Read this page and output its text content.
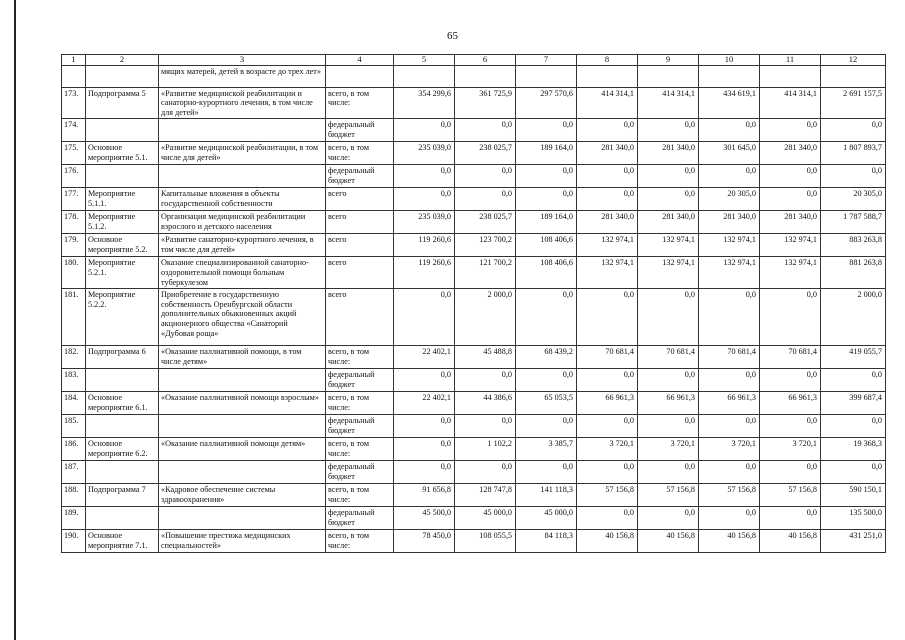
65
1	2	3	4	5	6	7	8	9	10	11	12
		мящих матерей, детей в возрасте до трех лет»									
173.	Подпрограмма 5	«Развитие медицинской реабилитации и санаторно-курортного лечения, в том числе для детей»	всего, в том числе:	354 299,6	361 725,9	297 570,6	414 314,1	414 314,1	434 619,1	414 314,1	2 691 157,5
174.			федеральный бюджет	0,0	0,0	0,0	0,0	0,0	0,0	0,0	0,0
175.	Основное мероприятие 5.1.	«Развитие медицинской реабилитации, в том числе для детей»	всего, в том числе:	235 039,0	238 025,7	189 164,0	281 340,0	281 340,0	301 645,0	281 340,0	1 807 893,7
176.			федеральный бюджет	0,0	0,0	0,0	0,0	0,0	0,0	0,0	0,0
177.	Мероприятие 5.1.1.	Капитальные вложения в объекты государственной собственности	всего	0,0	0,0	0,0	0,0	0,0	20 305,0	0,0	20 305,0
178.	Мероприятие 5.1.2.	Организация медицинской реабилитации взрослого и детского населения	всего	235 039,0	238 025,7	189 164,0	281 340,0	281 340,0	281 340,0	281 340,0	1 787 588,7
179.	Основное мероприятие 5.2.	«Развитие санаторно-курортного лечения, в том числе для детей»	всего	119 260,6	123 700,2	108 406,6	132 974,1	132 974,1	132 974,1	132 974,1	883 263,8
180.	Мероприятие 5.2.1.	Оказание специализированной санаторно-оздоровительной помощи больным туберкулезом	всего	119 260,6	121 700,2	108 406,6	132 974,1	132 974,1	132 974,1	132 974,1	881 263,8
181.	Мероприятие 5.2.2.	Приобретение в государственную собственность Оренбургской области дополнительных обыкновенных акций акционерного общества «Санаторий «Дубовая роща»	всего	0,0	2 000,0	0,0	0,0	0,0	0,0	0,0	2 000,0
182.	Подпрограмма 6	«Оказание паллиативной помощи, в том числе детям»	всего, в том числе:	22 402,1	45 488,8	68 439,2	70 681,4	70 681,4	70 681,4	70 681,4	419 055,7
183.			федеральный бюджет	0,0	0,0	0,0	0,0	0,0	0,0	0,0	0,0
184.	Основное мероприятие 6.1.	«Оказание паллиативной помощи взрослым»	всего, в том числе:	22 402,1	44 386,6	65 053,5	66 961,3	66 961,3	66 961,3	66 961,3	399 687,4
185.			федеральный бюджет	0,0	0,0	0,0	0,0	0,0	0,0	0,0	0,0
186.	Основное мероприятие 6.2.	«Оказание паллиативной помощи детям»	всего, в том числе:	0,0	1 102,2	3 385,7	3 720,1	3 720,1	3 720,1	3 720,1	19 368,3
187.			федеральный бюджет	0,0	0,0	0,0	0,0	0,0	0,0	0,0	0,0
188.	Подпрограмма 7	«Кадровое обеспечение системы здравоохранения»	всего, в том числе:	91 656,8	128 747,8	141 118,3	57 156,8	57 156,8	57 156,8	57 156,8	590 150,1
189.			федеральный бюджет	45 500,0	45 000,0	45 000,0	0,0	0,0	0,0	0,0	135 500,0
190.	Основное мероприятие 7.1.	«Повышение престижа медицинских специальностей»	всего, в том числе:	78 450,0	108 055,5	84 118,3	40 156,8	40 156,8	40 156,8	40 156,8	431 251,0
